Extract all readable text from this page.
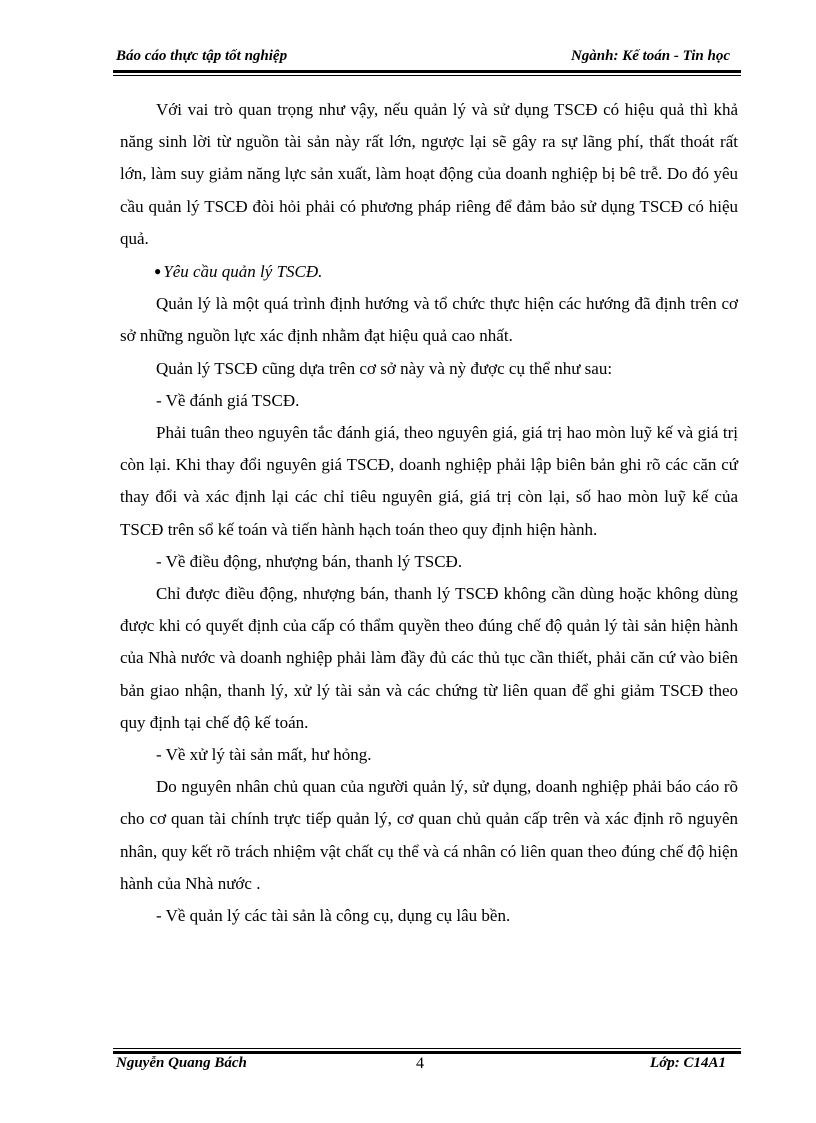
Báo cáo thực tập tốt nghiệp	Ngành: Kế toán - Tin học

Với vai trò quan trọng như vậy, nếu quản lý và sử dụng TSCĐ có hiệu quả thì khả năng sinh lời từ nguồn tài sản này rất lớn, ngược lại sẽ gây ra sự lãng phí, thất thoát rất lớn, làm suy giảm năng lực sản xuất, làm hoạt động của doanh nghiệp bị bê trễ. Do đó yêu cầu quản lý TSCĐ đòi hỏi phải có phương pháp riêng để đảm bảo sử dụng TSCĐ có hiệu quả.

● Yêu cầu quản lý TSCĐ.

Quản lý là một quá trình định hướng và tổ chức thực hiện các hướng đã định trên cơ sở những nguồn lực xác định nhằm đạt hiệu quả cao nhất.

Quản lý TSCĐ cũng dựa trên cơ sở này và nỳ được cụ thể như sau:

- Về đánh giá TSCĐ.

Phải tuân theo nguyên tắc đánh giá, theo nguyên giá, giá trị hao mòn luỹ kế và giá trị còn lại. Khi thay đổi nguyên giá TSCĐ, doanh nghiệp phải lập biên bản ghi rõ các căn cứ thay đổi và xác định lại các chỉ tiêu nguyên giá, giá trị còn lại, số hao mòn luỹ kế của TSCĐ trên sổ kế toán và tiến hành hạch toán theo quy định hiện hành.

- Về điều động, nhượng bán, thanh lý TSCĐ.

Chỉ được điều động, nhượng bán, thanh lý TSCĐ không cần dùng hoặc không dùng được khi có quyết định của cấp có thẩm quyền theo đúng chế độ quản lý tài sản hiện hành của Nhà nước và doanh nghiệp phải làm đầy đủ các thủ tục cần thiết, phải căn cứ vào biên bản giao nhận, thanh lý, xử lý tài sản và các chứng từ liên quan để ghi giảm TSCĐ theo quy định tại chế độ kế toán.

- Về xử lý tài sản mất, hư hỏng.

Do nguyên nhân chủ quan của người quản lý, sử dụng, doanh nghiệp phải báo cáo rõ cho cơ quan tài chính trực tiếp quản lý, cơ quan chủ quản cấp trên và xác định rõ nguyên nhân, quy kết rõ trách nhiệm vật chất cụ thể và cá nhân có liên quan theo đúng chế độ hiện hành của Nhà nước .

- Về quản lý các tài sản là công cụ, dụng cụ lâu bền.

Nguyễn Quang Bách	4	Lớp: C14A1
